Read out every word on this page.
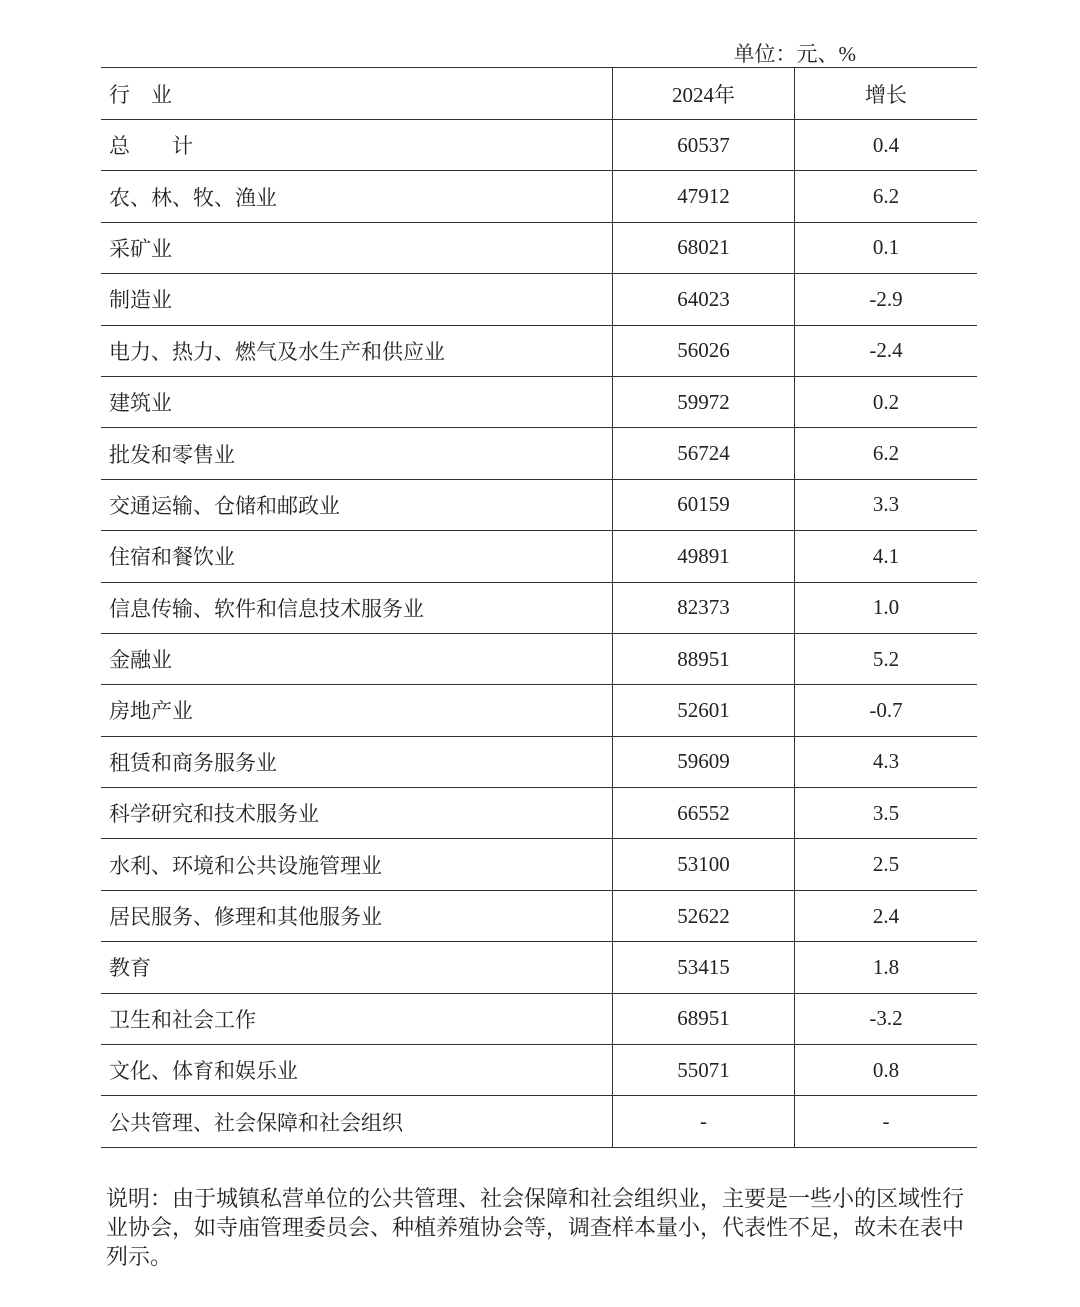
单位：元、%
行　业	2024年	增长
总　　计	60537	0.4
农、林、牧、渔业	47912	6.2
采矿业	68021	0.1
制造业	64023	-2.9
电力、热力、燃气及水生产和供应业	56026	-2.4
建筑业	59972	0.2
批发和零售业	56724	6.2
交通运输、仓储和邮政业	60159	3.3
住宿和餐饮业	49891	4.1
信息传输、软件和信息技术服务业	82373	1.0
金融业	88951	5.2
房地产业	52601	-0.7
租赁和商务服务业	59609	4.3
科学研究和技术服务业	66552	3.5
水利、环境和公共设施管理业	53100	2.5
居民服务、修理和其他服务业	52622	2.4
教育	53415	1.8
卫生和社会工作	68951	-3.2
文化、体育和娱乐业	55071	0.8
公共管理、社会保障和社会组织	-	-
说明：由于城镇私营单位的公共管理、社会保障和社会组织业，主要是一些小的区域性行业协会，如寺庙管理委员会、种植养殖协会等，调查样本量小，代表性不足，故未在表中列示。
